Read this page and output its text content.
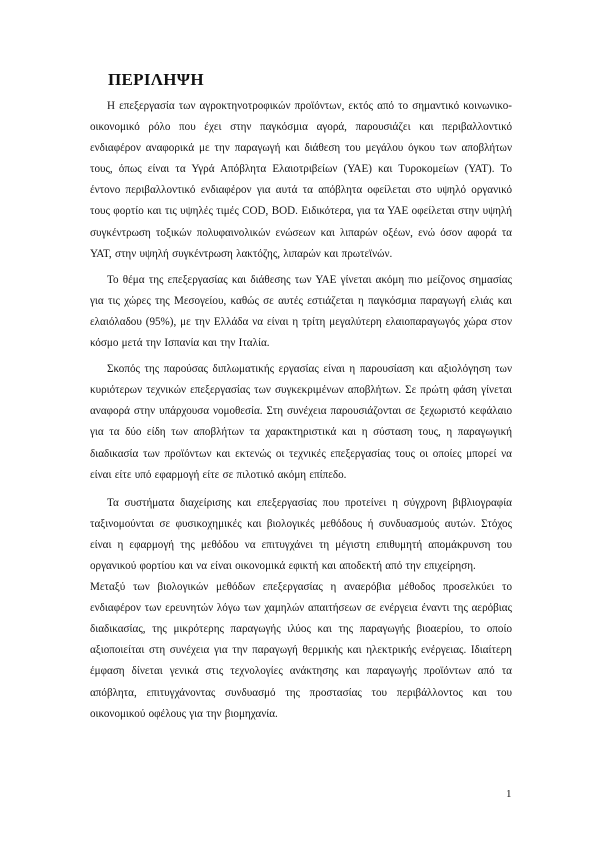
ΠΕΡΙΛΗΨΗ

Η επεξεργασία των αγροκτηνοτροφικών προϊόντων, εκτός από το σημαντικό κοινωνικο-οικονομικό ρόλο που έχει στην παγκόσμια αγορά, παρουσιάζει και περιβαλλοντικό ενδιαφέρον αναφορικά με την παραγωγή και διάθεση του μεγάλου όγκου των αποβλήτων τους, όπως είναι τα Υγρά Απόβλητα Ελαιοτριβείων (ΥΑΕ) και Τυροκομείων (ΥΑΤ). Το έντονο περιβαλλοντικό ενδιαφέρον για αυτά τα απόβλητα οφείλεται στο υψηλό οργανικό τους φορτίο και τις υψηλές τιμές COD, BOD. Ειδικότερα, για τα ΥΑΕ οφείλεται στην υψηλή συγκέντρωση τοξικών πολυφαινολικών ενώσεων και λιπαρών οξέων, ενώ όσον αφορά τα ΥΑΤ, στην υψηλή συγκέντρωση λακτόζης, λιπαρών και πρωτεϊνών.

Το θέμα της επεξεργασίας και διάθεσης των ΥΑΕ γίνεται ακόμη πιο μείζονος σημασίας για τις χώρες της Μεσογείου, καθώς σε αυτές εστιάζεται η παγκόσμια παραγωγή ελιάς και ελαιόλαδου (95%), με την Ελλάδα να είναι η τρίτη μεγαλύτερη ελαιοπαραγωγός χώρα στον κόσμο μετά την Ισπανία και την Ιταλία.

Σκοπός της παρούσας διπλωματικής εργασίας είναι η παρουσίαση και αξιολόγηση των κυριότερων τεχνικών επεξεργασίας των συγκεκριμένων αποβλήτων. Σε πρώτη φάση γίνεται αναφορά στην υπάρχουσα νομοθεσία. Στη συνέχεια παρουσιάζονται σε ξεχωριστό κεφάλαιο για τα δύο είδη των αποβλήτων τα χαρακτηριστικά και η σύσταση τους, η παραγωγική διαδικασία των προϊόντων και εκτενώς οι τεχνικές επεξεργασίας τους οι οποίες μπορεί να είναι είτε υπό εφαρμογή είτε σε πιλοτικό ακόμη επίπεδο.

Τα συστήματα διαχείρισης και επεξεργασίας που προτείνει η σύγχρονη βιβλιογραφία ταξινομούνται σε φυσικοχημικές και βιολογικές μεθόδους ή συνδυασμούς αυτών. Στόχος είναι η εφαρμογή της μεθόδου να επιτυγχάνει τη μέγιστη επιθυμητή απομάκρυνση του οργανικού φορτίου και να είναι οικονομικά εφικτή και αποδεκτή από την επιχείρηση.

Μεταξύ των βιολογικών μεθόδων επεξεργασίας η αναερόβια μέθοδος προσελκύει το ενδιαφέρον των ερευνητών λόγω των χαμηλών απαιτήσεων σε ενέργεια έναντι της αερόβιας διαδικασίας, της μικρότερης παραγωγής ιλύος και της παραγωγής βιοαερίου, το οποίο αξιοποιείται στη συνέχεια για την παραγωγή θερμικής και ηλεκτρικής ενέργειας. Ιδιαίτερη έμφαση δίνεται γενικά στις τεχνολογίες ανάκτησης και παραγωγής προϊόντων από τα απόβλητα, επιτυγχάνοντας συνδυασμό της προστασίας του περιβάλλοντος και του οικονομικού οφέλους για την βιομηχανία.

1
